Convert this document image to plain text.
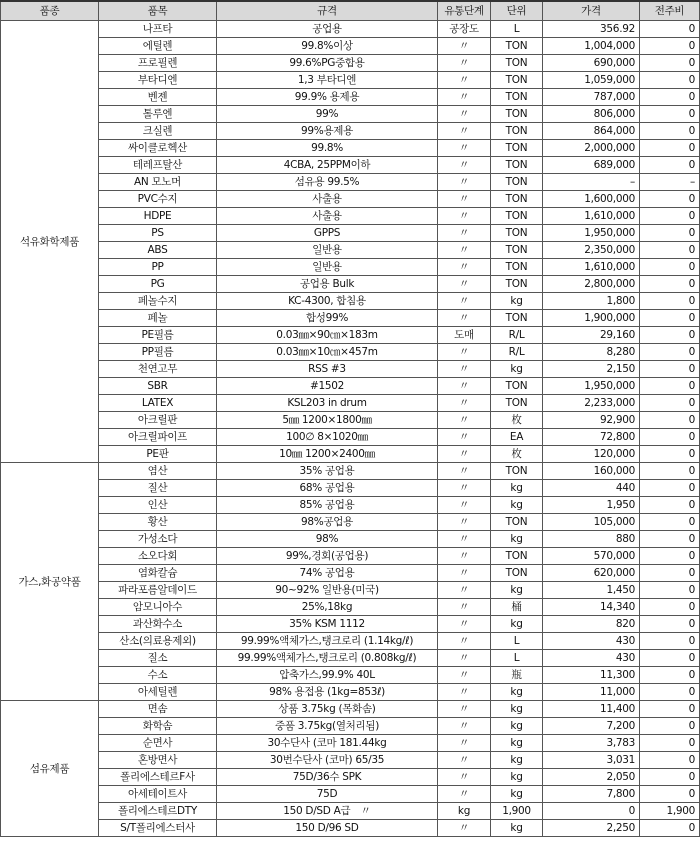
품종	품목	규격	유통단계	단위	가격	전주비
석유화학제품	나프타	공업용	공장도	L	356.92	0
	에틸렌	99.8%이상	〃	TON	1,004,000	0
	프로필렌	99.6%PG중합용	〃	TON	690,000	0
	부타디엔	1,3 부타디엔	〃	TON	1,059,000	0
	벤젠	99.9% 용제용	〃	TON	787,000	0
	톨루엔	99%	〃	TON	806,000	0
	크실렌	99%용제용	〃	TON	864,000	0
	싸이클로헥산	99.8%	〃	TON	2,000,000	0
	테레프탈산	4CBA, 25PPM이하	〃	TON	689,000	0
	AN 모노머	섬유용 99.5%	〃	TON	–	–
	PVC수지	사출용	〃	TON	1,600,000	0
	HDPE	사출용	〃	TON	1,610,000	0
	PS	GPPS	〃	TON	1,950,000	0
	ABS	일반용	〃	TON	2,350,000	0
	PP	일반용	〃	TON	1,610,000	0
	PG	공업용 Bulk	〃	TON	2,800,000	0
	페놀수지	KC-4300, 합침용	〃	kg	1,800	0
	페놀	합성99%	〃	TON	1,900,000	0
	PE필름	0.03㎜×90㎝×183m	도매	R/L	29,160	0
	PP필름	0.03㎜×10㎝×457m	〃	R/L	8,280	0
	천연고무	RSS #3	〃	kg	2,150	0
	SBR	#1502	〃	TON	1,950,000	0
	LATEX	KSL203 in drum	〃	TON	2,233,000	0
	아크릴판	5㎜ 1200×1800㎜	〃	枚	92,900	0
	아크릴파이프	100∅ 8×1020㎜	〃	EA	72,800	0
	PE판	10㎜ 1200×2400㎜	〃	枚	120,000	0
가스,화공약품	염산	35% 공업용	〃	TON	160,000	0
	질산	68% 공업용	〃	kg	440	0
	인산	85% 공업용	〃	kg	1,950	0
	황산	98%공업용	〃	TON	105,000	0
	가성소다	98%	〃	kg	880	0
	소오다회	99%,경회(공업용)	〃	TON	570,000	0
	염화칼슘	74% 공업용	〃	TON	620,000	0
	파라포름알데이드	90~92% 일반용(미국)	〃	kg	1,450	0
	암모니아수	25%,18kg	〃	桶	14,340	0
	과산화수소	35% KSM 1112	〃	kg	820	0
	산소(의료용제외)	99.99%액체가스,탱크로리 (1.14kg/ℓ)	〃	L	430	0
	질소	99.99%액체가스,탱크로리 (0.808kg/ℓ)	〃	L	430	0
	수소	압축가스,99.9% 40L	〃	瓶	11,300	0
	아세틸렌	98% 용접용 (1kg=853ℓ)	〃	kg	11,000	0
섬유제품	면솜	상품 3.75kg (목화솜)	〃	kg	11,400	0
	화학솜	중품 3.75kg(열처리됨)	〃	kg	7,200	0
	순면사	30수단사 (코마 181.44kg	〃	kg	3,783	0
	혼방면사	30번수단사 (코마) 65/35	〃	kg	3,031	0
	폴리에스테르F사	75D/36수 SPK	〃	kg	2,050	0
	아세테이트사	75D	〃	kg	7,800	0
	폴리에스테르DTY	150 D/SD A급　〃	kg	1,900	0	1,900
	S/T폴리에스터사	150 D/96 SD	〃	kg	2,250	0
